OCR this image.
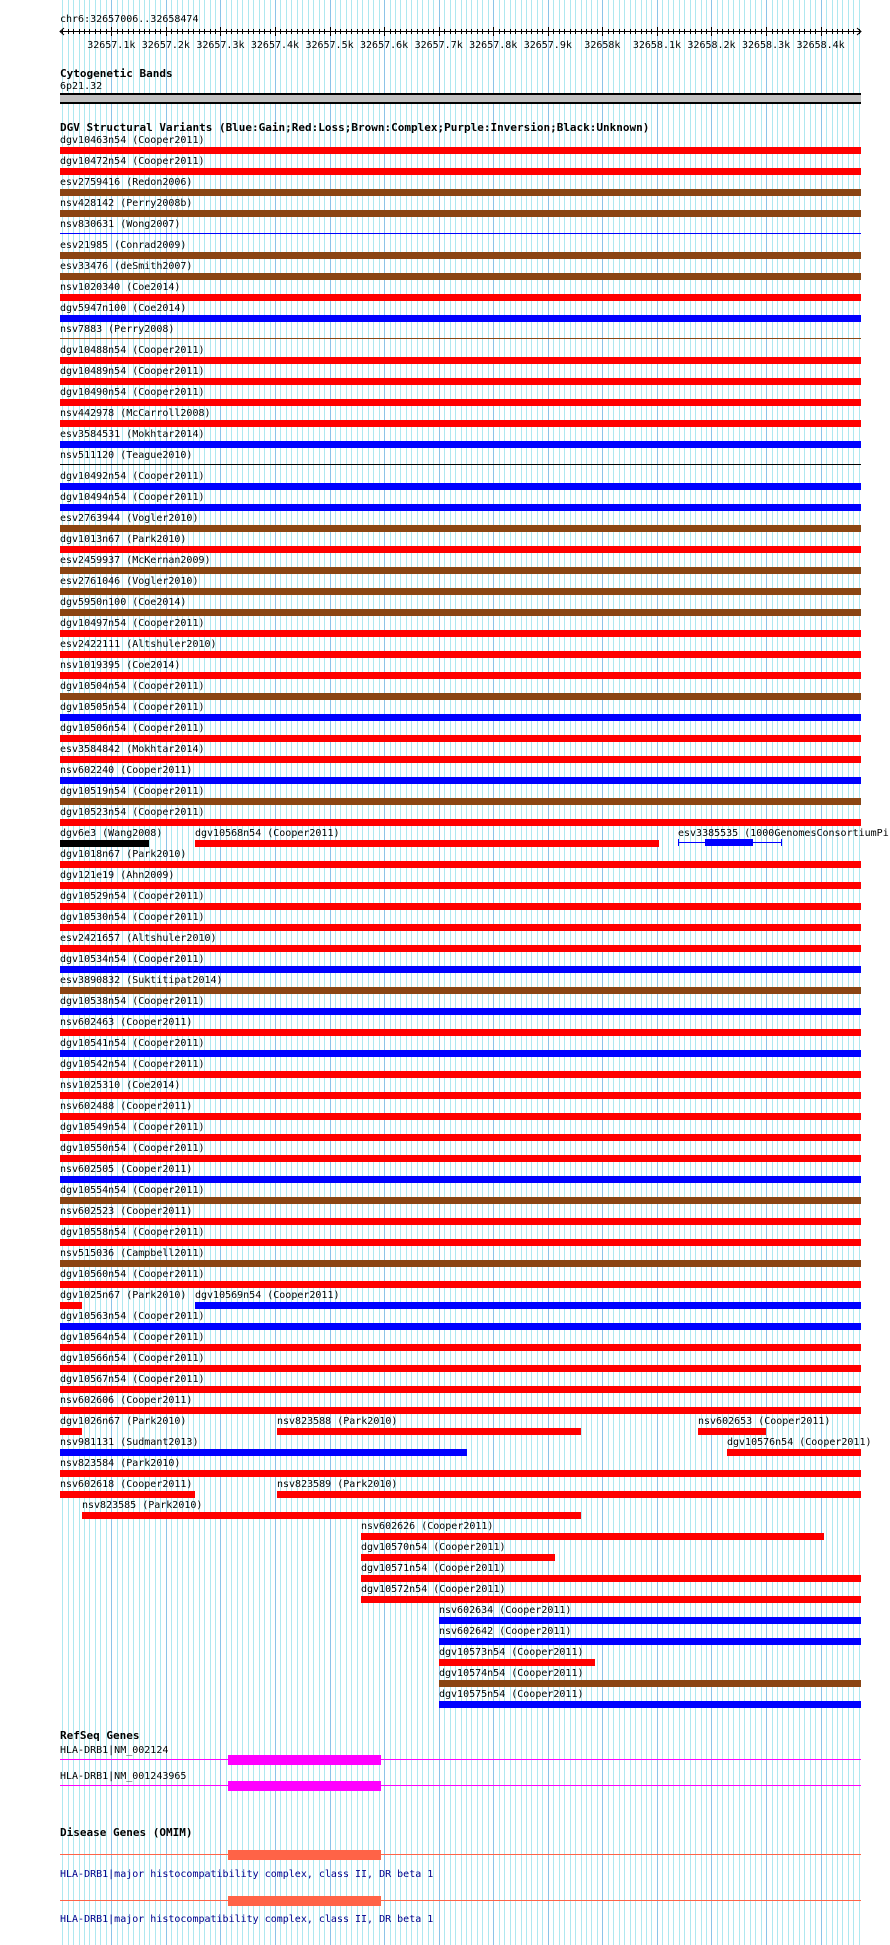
chr6:32657006..32658474
32657.1k 32657.2k 32657.3k 32657.4k 32657.5k 32657.6k 32657.7k 32657.8k 32657.9k 32658k 32658.1k 32658.2k 32658.3k 32658.4k
Cytogenetic Bands
6p21.32
DGV Structural Variants (Blue:Gain;Red:Loss;Brown:Complex;Purple:Inversion;Black:Unknown)
dgv10463n54 (Cooper2011)
dgv10472n54 (Cooper2011)
esv2759416 (Redon2006)
nsv428142 (Perry2008b)
nsv830631 (Wong2007)
esv21985 (Conrad2009)
esv33476 (deSmith2007)
nsv1020340 (Coe2014)
dgv5947n100 (Coe2014)
nsv7883 (Perry2008)
dgv10488n54 (Cooper2011)
dgv10489n54 (Cooper2011)
dgv10490n54 (Cooper2011)
nsv442978 (McCarroll2008)
esv3584531 (Mokhtar2014)
nsv511120 (Teague2010)
dgv10492n54 (Cooper2011)
dgv10494n54 (Cooper2011)
esv2763944 (Vogler2010)
dgv1013n67 (Park2010)
esv2459937 (McKernan2009)
esv2761046 (Vogler2010)
dgv5950n100 (Coe2014)
dgv10497n54 (Cooper2011)
esv2422111 (Altshuler2010)
nsv1019395 (Coe2014)
dgv10504n54 (Cooper2011)
dgv10505n54 (Cooper2011)
dgv10506n54 (Cooper2011)
esv3584842 (Mokhtar2014)
nsv602240 (Cooper2011)
dgv10519n54 (Cooper2011)
dgv10523n54 (Cooper2011)
dgv6e3 (Wang2008)	dgv10568n54 (Cooper2011)	esv3385535 (1000GenomesConsortiumPi
dgv1018n67 (Park2010)
dgv121e19 (Ahn2009)
dgv10529n54 (Cooper2011)
dgv10530n54 (Cooper2011)
esv2421657 (Altshuler2010)
dgv10534n54 (Cooper2011)
esv3890832 (Suktitipat2014)
dgv10538n54 (Cooper2011)
nsv602463 (Cooper2011)
dgv10541n54 (Cooper2011)
dgv10542n54 (Cooper2011)
nsv1025310 (Coe2014)
nsv602488 (Cooper2011)
dgv10549n54 (Cooper2011)
dgv10550n54 (Cooper2011)
nsv602505 (Cooper2011)
dgv10554n54 (Cooper2011)
nsv602523 (Cooper2011)
dgv10558n54 (Cooper2011)
nsv515036 (Campbell2011)
dgv10560n54 (Cooper2011)
dgv1025n67 (Park2010) dgv10569n54 (Cooper2011)
dgv10563n54 (Cooper2011)
dgv10564n54 (Cooper2011)
dgv10566n54 (Cooper2011)
dgv10567n54 (Cooper2011)
nsv602606 (Cooper2011)
dgv1026n67 (Park2010)	nsv823588 (Park2010)	nsv602653 (Cooper2011)
nsv981131 (Sudmant2013)	dgv10576n54 (Cooper2011)
nsv823584 (Park2010)
nsv602618 (Cooper2011)	nsv823589 (Park2010)
nsv823585 (Park2010)
nsv602626 (Cooper2011)
dgv10570n54 (Cooper2011)
dgv10571n54 (Cooper2011)
dgv10572n54 (Cooper2011)
nsv602634 (Cooper2011)
nsv602642 (Cooper2011)
dgv10573n54 (Cooper2011)
dgv10574n54 (Cooper2011)
dgv10575n54 (Cooper2011)
RefSeq Genes
HLA-DRB1|NM_002124
HLA-DRB1|NM_001243965
Disease Genes (OMIM)
HLA-DRB1|major histocompatibility complex, class II, DR beta 1
HLA-DRB1|major histocompatibility complex, class II, DR beta 1
